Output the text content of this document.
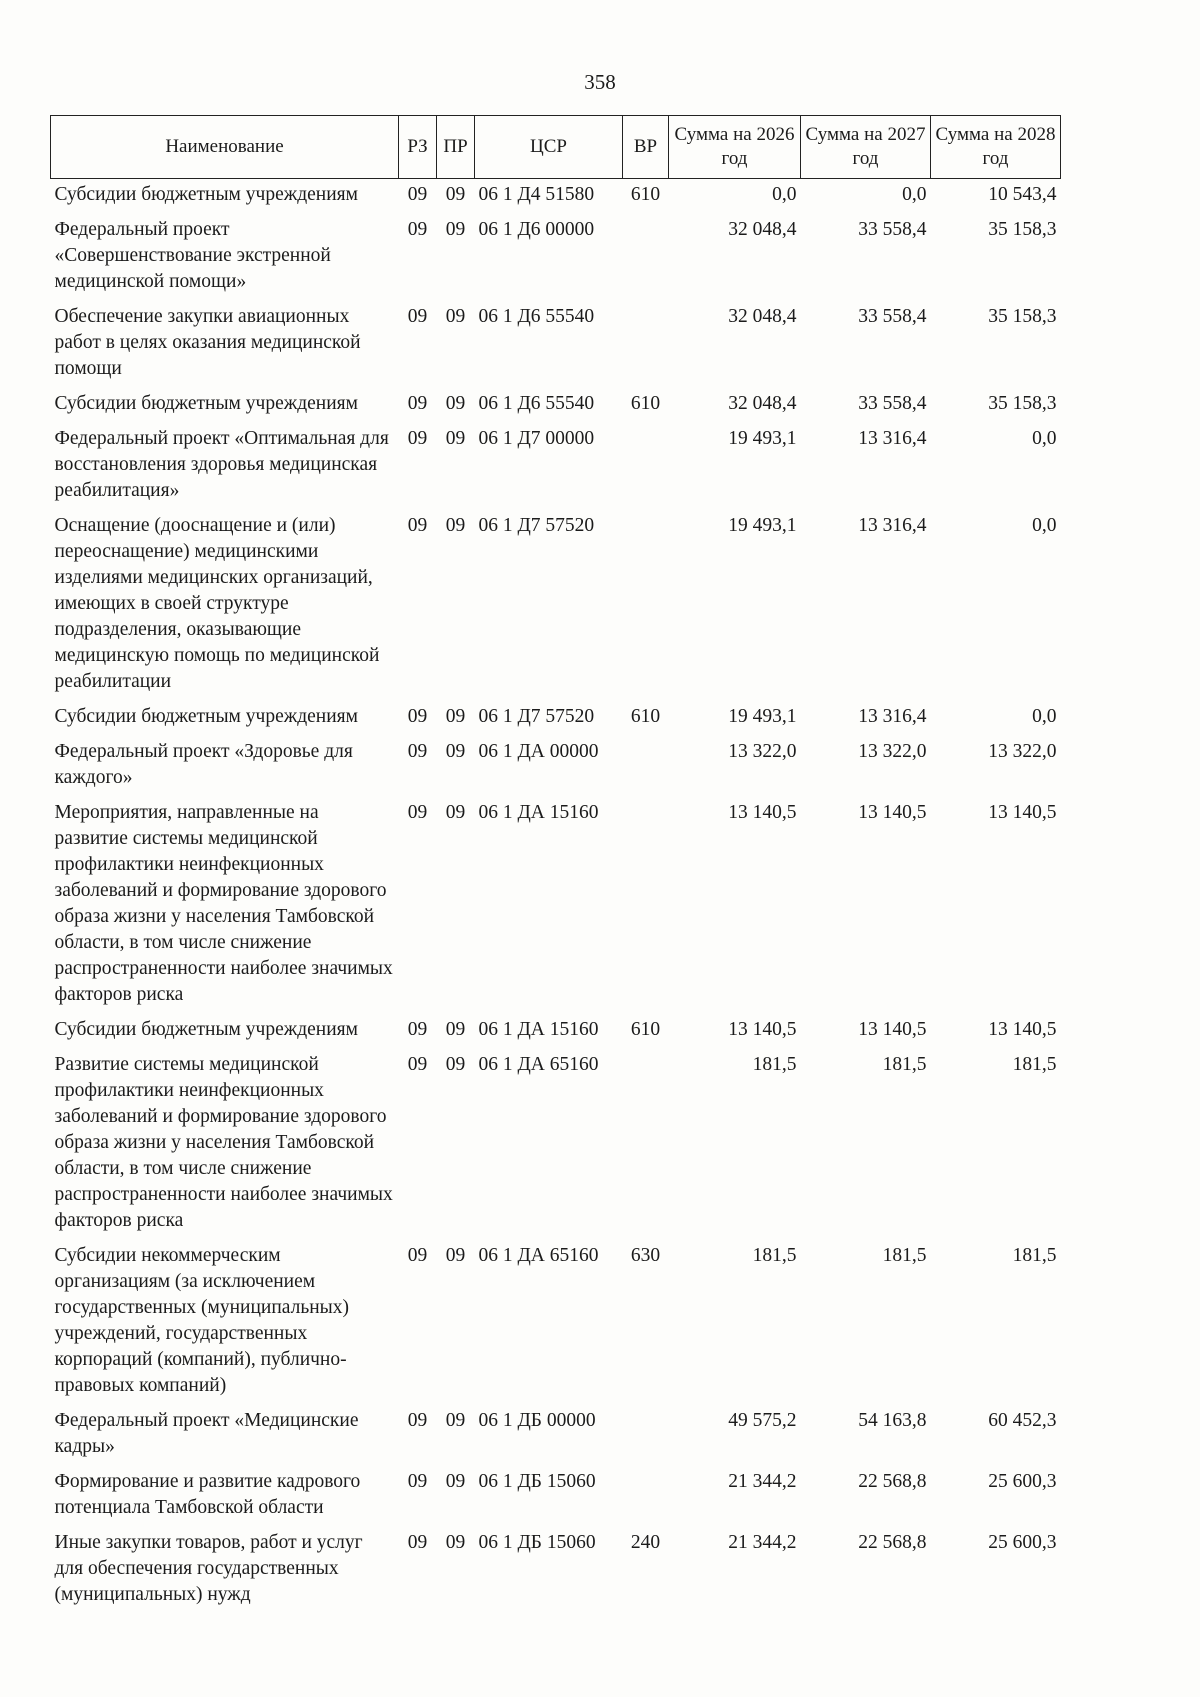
358
Наименование	РЗ	ПР	ЦСР	ВР	Сумма на 2026 год	Сумма на 2027 год	Сумма на 2028 год
Субсидии бюджетным учреждениям	09	09	06 1 Д4 51580	610	0,0	0,0	10 543,4
Федеральный проект «Совершенствование экстренной медицинской помощи»	09	09	06 1 Д6 00000		32 048,4	33 558,4	35 158,3
Обеспечение закупки авиационных работ в целях оказания медицинской помощи	09	09	06 1 Д6 55540		32 048,4	33 558,4	35 158,3
Субсидии бюджетным учреждениям	09	09	06 1 Д6 55540	610	32 048,4	33 558,4	35 158,3
Федеральный проект «Оптимальная для восстановления здоровья медицинская реабилитация»	09	09	06 1 Д7 00000		19 493,1	13 316,4	0,0
Оснащение (дооснащение и (или) переоснащение) медицинскими изделиями медицинских организаций, имеющих в своей структуре подразделения, оказывающие медицинскую помощь по медицинской реабилитации	09	09	06 1 Д7 57520		19 493,1	13 316,4	0,0
Субсидии бюджетным учреждениям	09	09	06 1 Д7 57520	610	19 493,1	13 316,4	0,0
Федеральный проект «Здоровье для каждого»	09	09	06 1 ДА 00000		13 322,0	13 322,0	13 322,0
Мероприятия, направленные на развитие системы медицинской профилактики неинфекционных заболеваний и формирование здорового образа жизни у населения Тамбовской области, в том числе снижение распространенности наиболее значимых факторов риска	09	09	06 1 ДА 15160		13 140,5	13 140,5	13 140,5
Субсидии бюджетным учреждениям	09	09	06 1 ДА 15160	610	13 140,5	13 140,5	13 140,5
Развитие системы медицинской профилактики неинфекционных заболеваний и формирование здорового образа жизни у населения Тамбовской области, в том числе снижение распространенности наиболее значимых факторов риска	09	09	06 1 ДА 65160		181,5	181,5	181,5
Субсидии некоммерческим организациям (за исключением государственных (муниципальных) учреждений, государственных корпораций (компаний), публично-правовых компаний)	09	09	06 1 ДА 65160	630	181,5	181,5	181,5
Федеральный проект «Медицинские кадры»	09	09	06 1 ДБ 00000		49 575,2	54 163,8	60 452,3
Формирование и развитие кадрового потенциала Тамбовской области	09	09	06 1 ДБ 15060		21 344,2	22 568,8	25 600,3
Иные закупки товаров, работ и услуг для обеспечения государственных (муниципальных) нужд	09	09	06 1 ДБ 15060	240	21 344,2	22 568,8	25 600,3
